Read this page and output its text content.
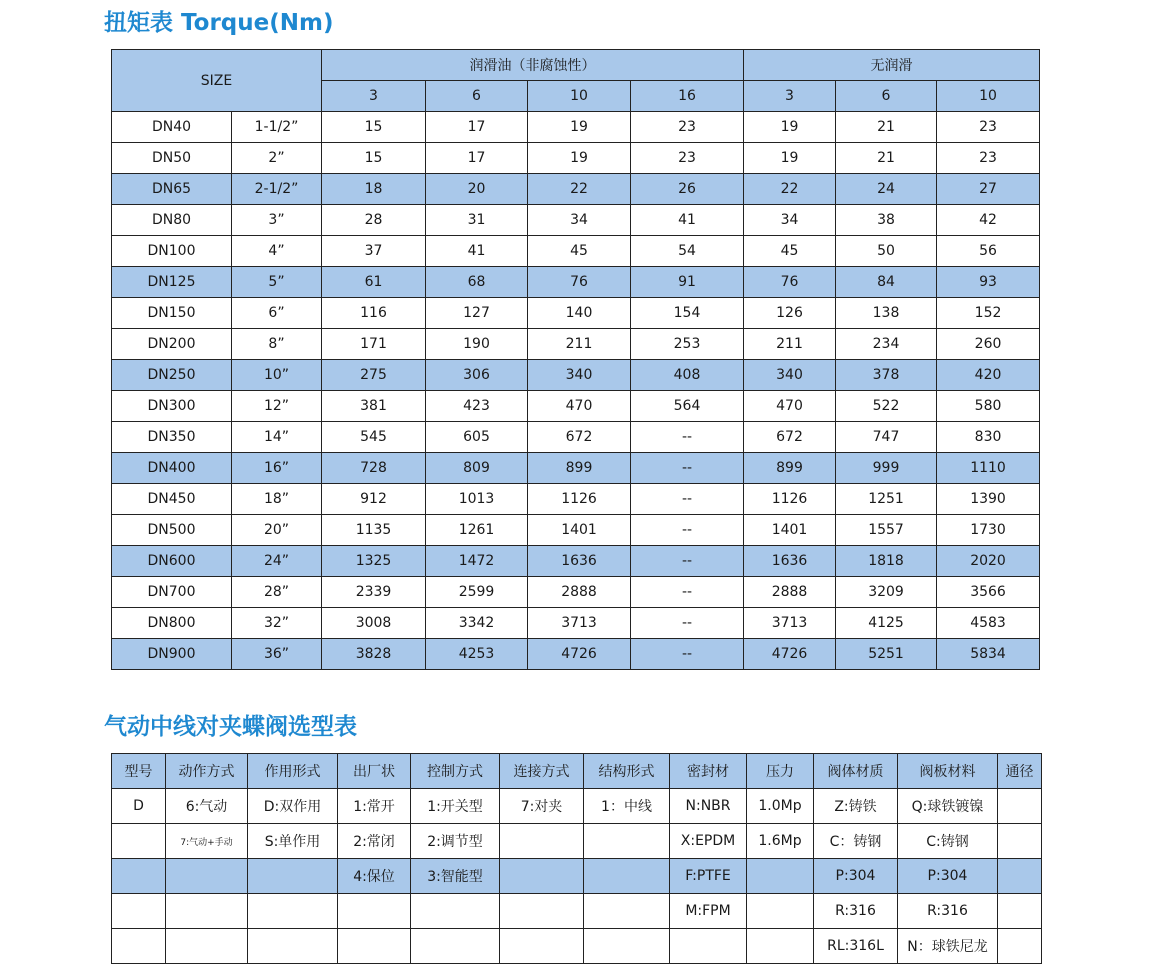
扭矩表 Torque(Nm)
SIZE		润滑油（非腐蚀性）				无润滑		
		3	6	10	16	3	6	10
DN40	1-1/2”	15	17	19	23	19	21	23
DN50	2”	15	17	19	23	19	21	23
DN65	2-1/2”	18	20	22	26	22	24	27
DN80	3”	28	31	34	41	34	38	42
DN100	4”	37	41	45	54	45	50	56
DN125	5”	61	68	76	91	76	84	93
DN150	6”	116	127	140	154	126	138	152
DN200	8”	171	190	211	253	211	234	260
DN250	10”	275	306	340	408	340	378	420
DN300	12”	381	423	470	564	470	522	580
DN350	14”	545	605	672	--	672	747	830
DN400	16”	728	809	899	--	899	999	1110
DN450	18”	912	1013	1126	--	1126	1251	1390
DN500	20”	1135	1261	1401	--	1401	1557	1730
DN600	24”	1325	1472	1636	--	1636	1818	2020
DN700	28”	2339	2599	2888	--	2888	3209	3566
DN800	32”	3008	3342	3713	--	3713	4125	4583
DN900	36”	3828	4253	4726	--	4726	5251	5834
气动中线对夹蝶阀选型表
型号	动作方式	作用形式	出厂状	控制方式	连接方式	结构形式	密封材	压力	阀体材质	阀板材料	通径
D	6:气动	D:双作用	1:常开	1:开关型	7:对夹	1：中线	N:NBR	1.0Mp	Z:铸铁	Q:球铁镀镍	
	7:气动+手动	S:单作用	2:常闭	2:调节型			X:EPDM	1.6Mp	C：铸钢	C:铸钢	
			4:保位	3:智能型			F:PTFE		P:304	P:304	
							M:FPM		R:316	R:316	
									RL:316L	N：球铁尼龙	
